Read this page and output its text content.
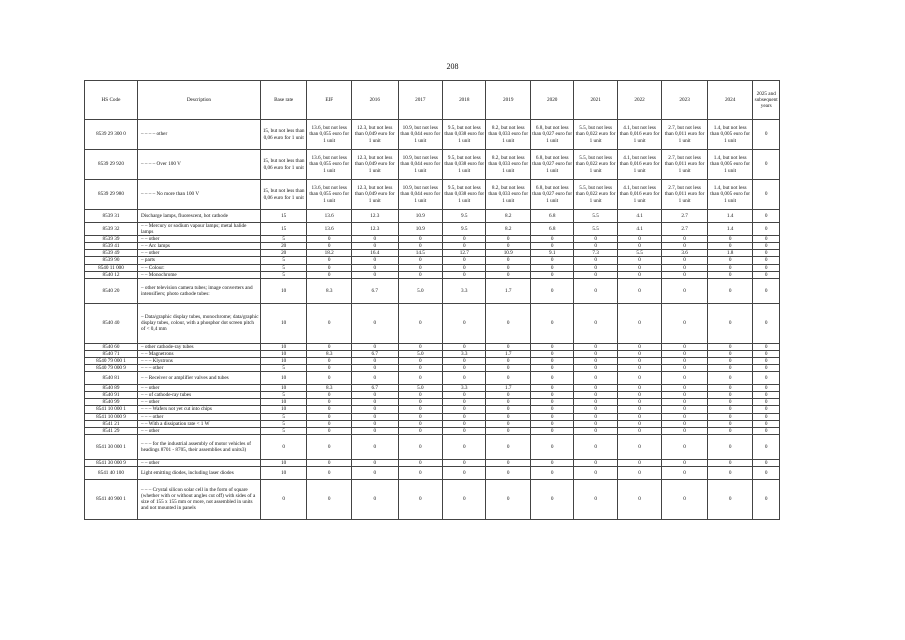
208
HS Code	Description	Base rate	EIF	2016	2017	2018	2019	2020	2021	2022	2023	2024	2025 and subsequent years
8539 29 300 0	– – – – other	15, but not less than 0,06 euro for 1 unit	13.6, but not less than 0,055 euro for 1 unit	12.3, but not less than 0,049 euro for 1 unit	10.9, but not less than 0,044 euro for 1 unit	9.5, but not less than 0,038 euro for 1 unit	8.2, but not less than 0,033 euro for 1 unit	6.8, but not less than 0,027 euro for 1 unit	5.5, but not less than 0,022 euro for 1 unit	4.1, but not less than 0,016 euro for 1 unit	2.7, but not less than 0,011 euro for 1 unit	1.4, but not less than 0,005 euro for 1 unit	0
8539 29 920	– – – – Over 100 V	15, but not less than 0,06 euro for 1 unit	13.6, but not less than 0,055 euro for 1 unit	12.3, but not less than 0,049 euro for 1 unit	10.9, but not less than 0,044 euro for 1 unit	9.5, but not less than 0,038 euro for 1 unit	8.2, but not less than 0,033 euro for 1 unit	6.8, but not less than 0,027 euro for 1 unit	5.5, but not less than 0,022 euro for 1 unit	4.1, but not less than 0,016 euro for 1 unit	2.7, but not less than 0,011 euro for 1 unit	1.4, but not less than 0,005 euro for 1 unit	0
8539 29 980	– – – – No more than 100 V	15, but not less than 0,06 euro for 1 unit	13.6, but not less than 0,055 euro for 1 unit	12.3, but not less than 0,049 euro for 1 unit	10.9, but not less than 0,044 euro for 1 unit	9.5, but not less than 0,038 euro for 1 unit	8.2, but not less than 0,033 euro for 1 unit	6.8, but not less than 0,027 euro for 1 unit	5.5, but not less than 0,022 euro for 1 unit	4.1, but not less than 0,016 euro for 1 unit	2.7, but not less than 0,011 euro for 1 unit	1.4, but not less than 0,005 euro for 1 unit	0
8539 31	Discharge lamps, fluorescent, hot cathode	15	13.6	12.3	10.9	9.5	8.2	6.8	5.5	4.1	2.7	1.4	0
8539 32	– – Mercury or sodium vapour lamps; metal halide lamps	15	13.6	12.3	10.9	9.5	8.2	6.8	5.5	4.1	2.7	1.4	0
8539 39	– – other	5	0	0	0	0	0	0	0	0	0	0	0
8539 41	– – Arc lamps	20	0	0	0	0	0	0	0	0	0	0	0
8539 49	– – other	20	18.2	16.4	14.5	12.7	10.9	9.1	7.3	5.5	3.6	1.8	0
8539 90	– parts	5	0	0	0	0	0	0	0	0	0	0	0
8540 11 000	– – Colour:	5	0	0	0	0	0	0	0	0	0	0	0
8540 12	– – Monochrome	5	0	0	0	0	0	0	0	0	0	0	0
8540 20	– other television camera tubes; image converters and intensifiers; photo cathode tubes:	10	8.3	6.7	5.0	3.3	1.7	0	0	0	0	0	0
8540 40	– Data/graphic display tubes, monochrome; data/graphic display tubes, colour, with a phosphor dot screen pitch of < 0,4 mm	10	0	0	0	0	0	0	0	0	0	0	0
8540 60	– other cathode-ray tubes	10	0	0	0	0	0	0	0	0	0	0	0
8540 71	– – Magnetrons	10	8.3	6.7	5.0	3.3	1.7	0	0	0	0	0	0
8540 79 000 1	– – – Klystrons	10	0	0	0	0	0	0	0	0	0	0	0
8540 79 000 9	– – – other	5	0	0	0	0	0	0	0	0	0	0	0
8540 81	– – Receiver or amplifier valves and tubes	10	0	0	0	0	0	0	0	0	0	0	0
8540 89	– – other	10	8.3	6.7	5.0	3.3	1.7	0	0	0	0	0	0
8540 91	– – of cathode-ray tubes	5	0	0	0	0	0	0	0	0	0	0	0
8540 99	– – other	10	0	0	0	0	0	0	0	0	0	0	0
8541 10 000 1	– – – Wafers not yet cut into chips	10	0	0	0	0	0	0	0	0	0	0	0
8541 10 000 9	– – – other	5	0	0	0	0	0	0	0	0	0	0	0
8541 21	– – With a dissipation rate < 1 W	5	0	0	0	0	0	0	0	0	0	0	0
8541 29	– – other	5	0	0	0	0	0	0	0	0	0	0	0
8541 30 000 1	– – – for the industrial assembly of motor vehicles of headings 8701 - 8705, their assemblies and units3)	0	0	0	0	0	0	0	0	0	0	0	0
8541 30 000 9	– – other	10	0	0	0	0	0	0	0	0	0	0	0
8541 40 100	Light emitting diodes, including laser diodes	10	0	0	0	0	0	0	0	0	0	0	0
8541 40 900 1	– – – Crystal silicon solar cell in the form of square (whether with or without angles cut off) with sides of a size of 155 x 155 mm or more, not assembled in units and not mounted in panels	0	0	0	0	0	0	0	0	0	0	0	0
